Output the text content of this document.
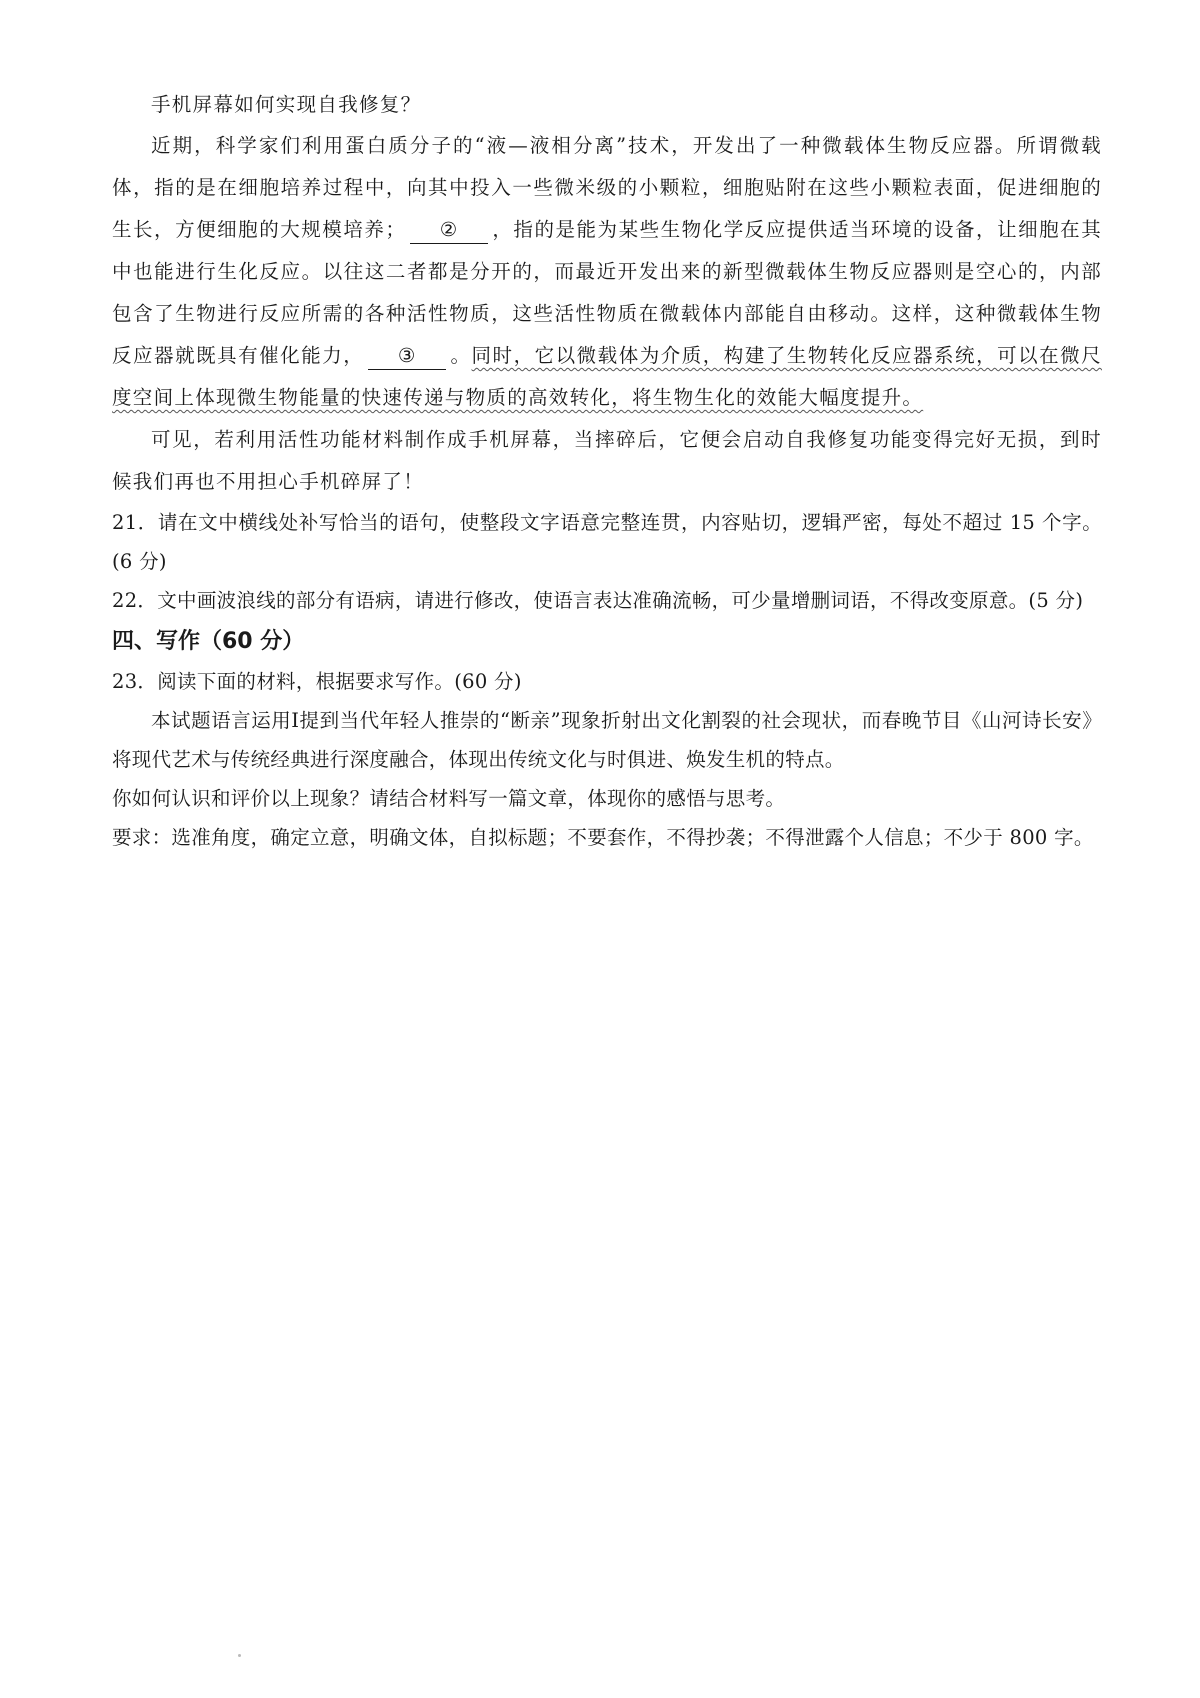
手机屏幕如何实现自我修复？

近期，科学家们利用蛋白质分子的“液—液相分离”技术，开发出了一种微载体生物反应器。所谓微载体，指的是在细胞培养过程中，向其中投入一些微米级的小颗粒，细胞贴附在这些小颗粒表面，促进细胞的生长，方便细胞的大规模培养； ② ，指的是能为某些生物化学反应提供适当环境的设备，让细胞在其中也能进行生化反应。以往这二者都是分开的，而最近开发出来的新型微载体生物反应器则是空心的，内部包含了生物进行反应所需的各种活性物质，这些活性物质在微载体内部能自由移动。这样，这种微载体生物反应器就既具有催化能力， ③ 。同时，它以微载体为介质，构建了生物转化反应器系统，可以在微尺度空间上体现微生物能量的快速传递与物质的高效转化，将生物生化的效能大幅度提升。

可见，若利用活性功能材料制作成手机屏幕，当摔碎后，它便会启动自我修复功能变得完好无损，到时候我们再也不用担心手机碎屏了！

21．请在文中横线处补写恰当的语句，使整段文字语意完整连贯，内容贴切，逻辑严密，每处不超过 15 个字。(6 分)

22．文中画波浪线的部分有语病，请进行修改，使语言表达准确流畅，可少量增删词语，不得改变原意。(5 分)

四、写作（60 分）

23．阅读下面的材料，根据要求写作。(60 分)

本试题语言运用Ⅰ提到当代年轻人推崇的“断亲”现象折射出文化割裂的社会现状，而春晚节目《山河诗长安》将现代艺术与传统经典进行深度融合，体现出传统文化与时俱进、焕发生机的特点。

你如何认识和评价以上现象？请结合材料写一篇文章，体现你的感悟与思考。

要求：选准角度，确定立意，明确文体，自拟标题；不要套作，不得抄袭；不得泄露个人信息；不少于 800 字。
